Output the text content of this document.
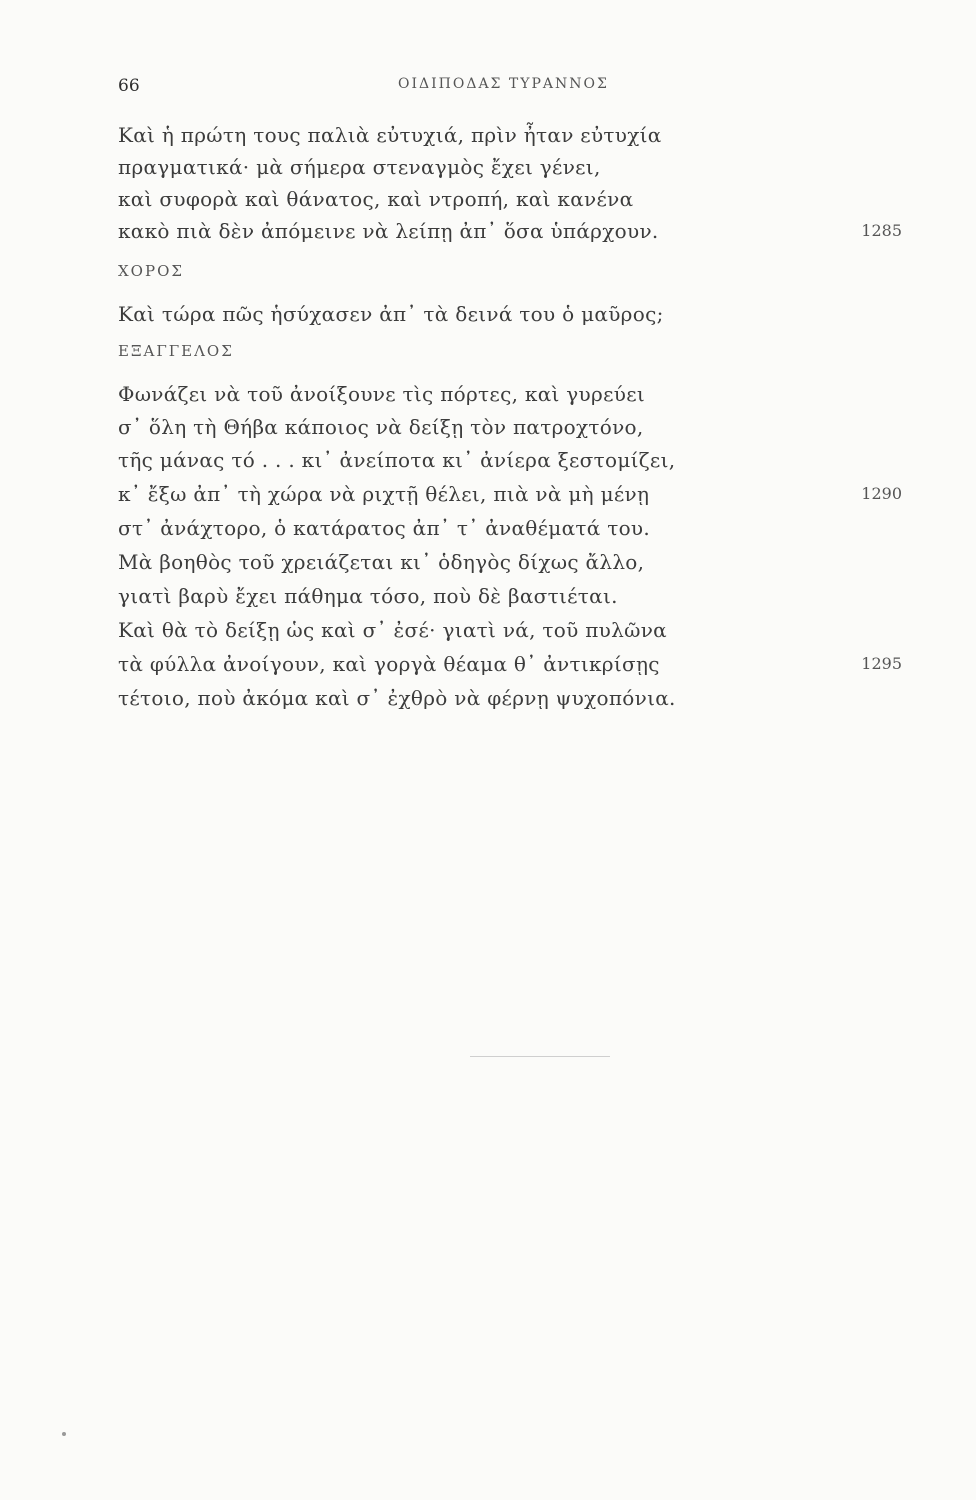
66	ΟΙΔΙΠΟΔΑΣ ΤΥΡΑΝΝΟΣ
Καὶ ἡ πρώτη τους παλιὰ εὐτυχιά, πρὶν ἦταν εὐτυχία
πραγματικά· μὰ σήμερα στεναγμὸς ἔχει γένει,
καὶ συφορὰ καὶ θάνατος, καὶ ντροπή, καὶ κανένα
κακὸ πιὰ δὲν ἀπόμεινε νὰ λείπῃ ἀπ᾽ ὅσα ὑπάρχουν.	1285
ΧΟΡΟΣ
Καὶ τώρα πῶς ἡσύχασεν ἀπ᾽ τὰ δεινά του ὁ μαῦρος;
ΕΞΑΓΓΕΛΟΣ
Φωνάζει νὰ τοῦ ἀνοίξουνε τὶς πόρτες, καὶ γυρεύει
σ᾽ ὅλη τὴ Θήβα κάποιος νὰ δείξῃ τὸν πατροχτόνο,
τῆς μάνας τό . . . κι᾽ ἀνείποτα κι᾽ ἀνίερα ξεστομίζει,
κ᾽ ἔξω ἀπ᾽ τὴ χώρα νὰ ριχτῇ θέλει, πιὰ νὰ μὴ μένῃ	1290
στ᾽ ἀνάχτορο, ὁ κατάρατος ἀπ᾽ τ᾽ ἀναθέματά του.
Μὰ βοηθὸς τοῦ χρειάζεται κι᾽ ὁδηγὸς δίχως ἄλλο,
γιατὶ βαρὺ ἔχει πάθημα τόσο, ποὺ δὲ βαστιέται.
Καὶ θὰ τὸ δείξῃ ὡς καὶ σ᾽ ἐσέ· γιατὶ νά, τοῦ πυλῶνα
τὰ φύλλα ἀνοίγουν, καὶ γοργὰ θέαμα θ᾽ ἀντικρίσῃς	1295
τέτοιο, ποὺ ἀκόμα καὶ σ᾽ ἐχθρὸ νὰ φέρνῃ ψυχοπόνια.
